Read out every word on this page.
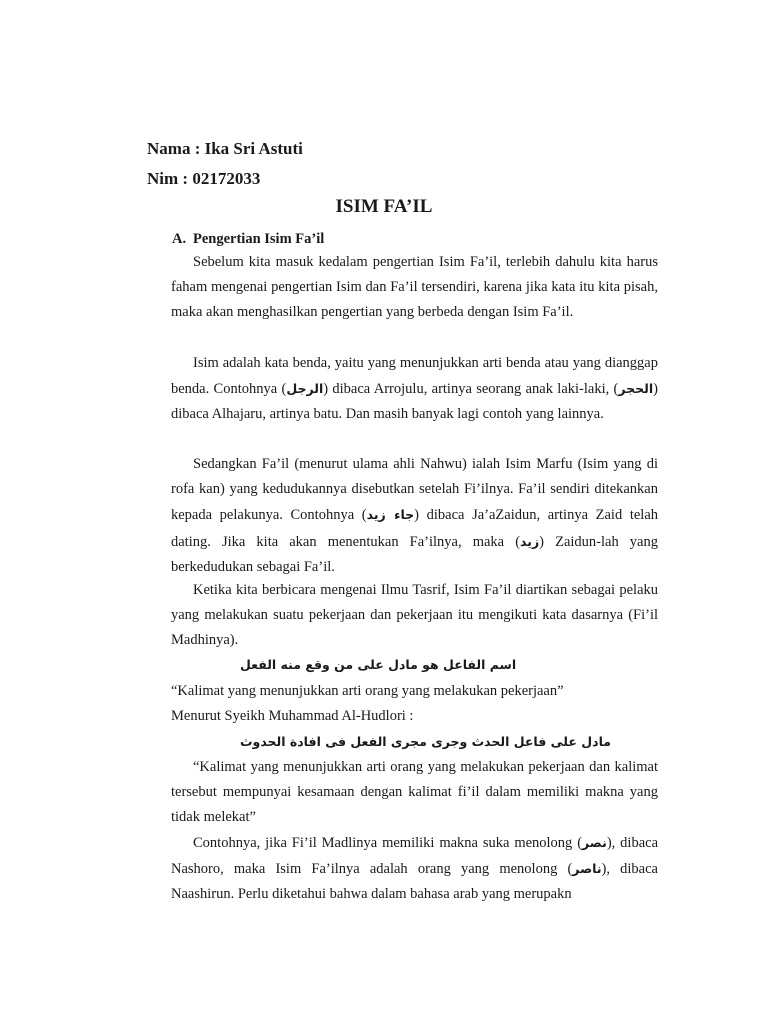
Nama : Ika Sri Astuti
Nim : 02172033
ISIM FA’IL
A. Pengertian Isim Fa’il

Sebelum kita masuk kedalam pengertian Isim Fa’il, terlebih dahulu kita harus faham mengenai pengertian Isim dan Fa’il tersendiri, karena jika kata itu kita pisah, maka akan menghasilkan pengertian yang berbeda dengan Isim Fa’il.

Isim adalah kata benda, yaitu yang menunjukkan arti benda atau yang dianggap benda. Contohnya (الرجل) dibaca Arrojulu, artinya seorang anak laki-laki, (الحجر) dibaca Alhajaru, artinya batu. Dan masih banyak lagi contoh yang lainnya.

Sedangkan Fa’il (menurut ulama ahli Nahwu) ialah Isim Marfu (Isim yang di rofa kan) yang kedudukannya disebutkan setelah Fi’ilnya. Fa’il sendiri ditekankan kepada pelakunya. Contohnya (جاء زيد) dibaca Ja’aZaidun, artinya Zaid telah dating. Jika kita akan menentukan Fa’ilnya, maka (زيد) Zaidun-lah yang berkedudukan sebagai Fa’il.

Ketika kita berbicara mengenai Ilmu Tasrif, Isim Fa’il diartikan sebagai pelaku yang melakukan suatu pekerjaan dan pekerjaan itu mengikuti kata dasarnya (Fi’il Madhinya).

اسم الفاعل هو مادل على من وقع منه الفعل
“Kalimat yang menunjukkan arti orang yang melakukan pekerjaan”
Menurut Syeikh Muhammad Al-Hudlori :
مادل على فاعل الحدث وجرى مجرى الفعل فى افادة الحدوث

“Kalimat yang menunjukkan arti orang yang melakukan pekerjaan dan kalimat tersebut mempunyai kesamaan dengan kalimat fi’il dalam memiliki makna yang tidak melekat”

Contohnya, jika Fi’il Madlinya memiliki makna suka menolong (نصر), dibaca Nashoro, maka Isim Fa’ilnya adalah orang yang menolong (ناصر), dibaca Naashirun. Perlu diketahui bahwa dalam bahasa arab yang merupakn
